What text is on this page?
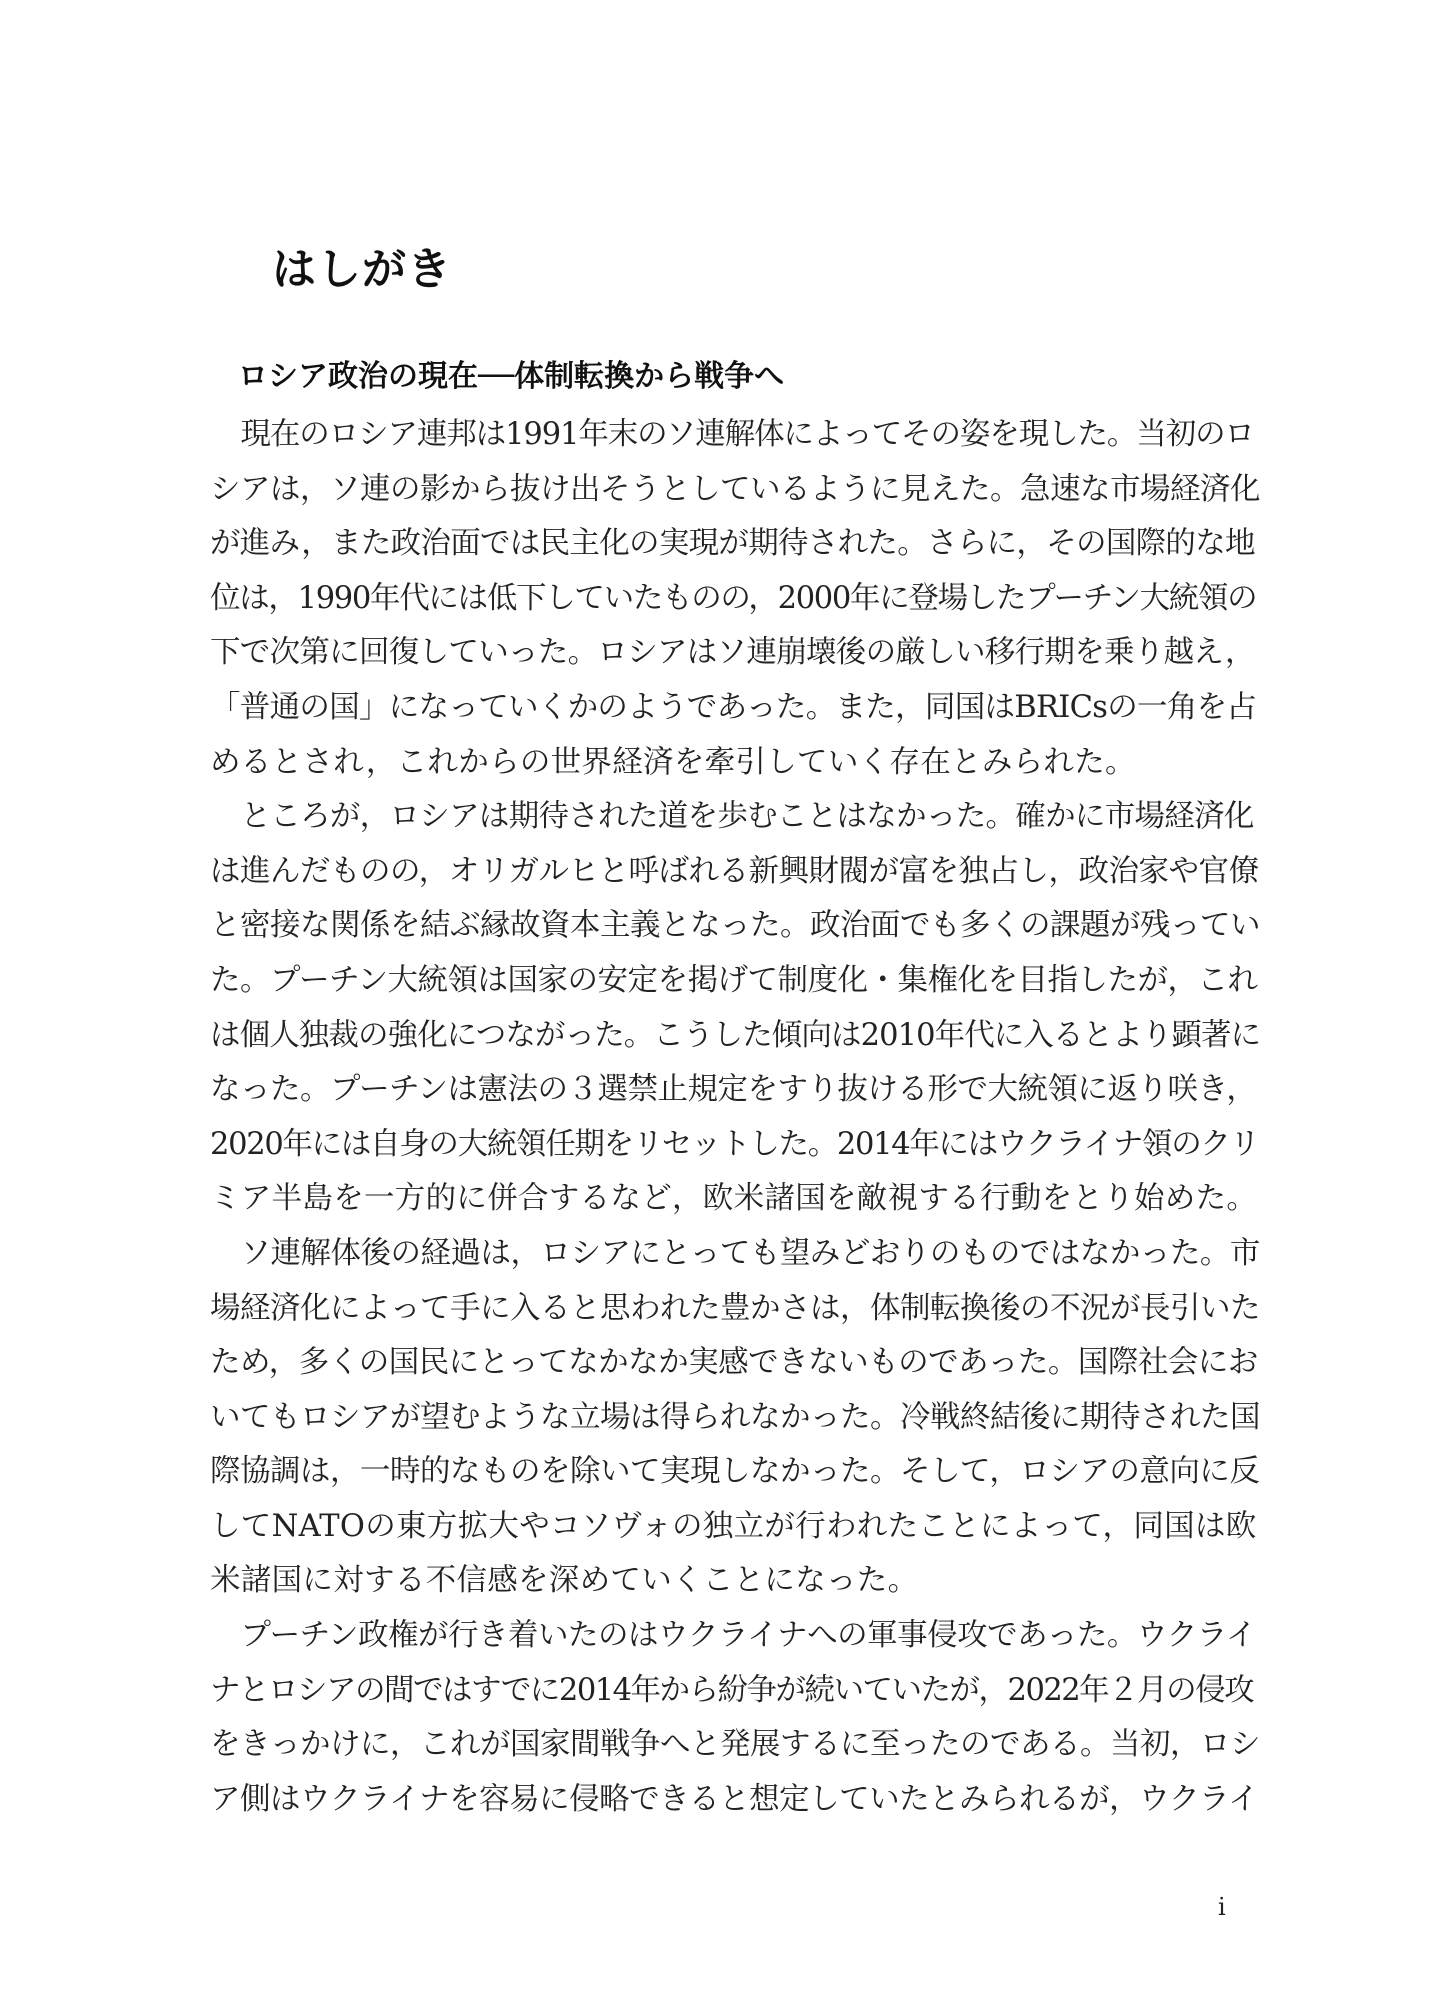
はしがき
ロシア政治の現在──体制転換から戦争へ

現在のロシア連邦は1991年末のソ連解体によってその姿を現した。当初のロ
シアは，ソ連の影から抜け出そうとしているように見えた。急速な市場経済化
が進み，また政治面では民主化の実現が期待された。さらに，その国際的な地
位は，1990年代には低下していたものの，2000年に登場したプーチン大統領の
下で次第に回復していった。ロシアはソ連崩壊後の厳しい移行期を乗り越え，
「普通の国」になっていくかのようであった。また，同国はBRICsの一角を占
めるとされ，これからの世界経済を牽引していく存在とみられた。

ところが，ロシアは期待された道を歩むことはなかった。確かに市場経済化
は進んだものの，オリガルヒと呼ばれる新興財閥が富を独占し，政治家や官僚
と密接な関係を結ぶ縁故資本主義となった。政治面でも多くの課題が残ってい
た。プーチン大統領は国家の安定を掲げて制度化・集権化を目指したが，これ
は個人独裁の強化につながった。こうした傾向は2010年代に入るとより顕著に
なった。プーチンは憲法の３選禁止規定をすり抜ける形で大統領に返り咲き，
2020年には自身の大統領任期をリセットした。2014年にはウクライナ領のクリ
ミア半島を一方的に併合するなど，欧米諸国を敵視する行動をとり始めた。

ソ連解体後の経過は，ロシアにとっても望みどおりのものではなかった。市
場経済化によって手に入ると思われた豊かさは，体制転換後の不況が長引いた
ため，多くの国民にとってなかなか実感できないものであった。国際社会にお
いてもロシアが望むような立場は得られなかった。冷戦終結後に期待された国
際協調は，一時的なものを除いて実現しなかった。そして，ロシアの意向に反
してNATOの東方拡大やコソヴォの独立が行われたことによって，同国は欧
米諸国に対する不信感を深めていくことになった。

プーチン政権が行き着いたのはウクライナへの軍事侵攻であった。ウクライ
ナとロシアの間ではすでに2014年から紛争が続いていたが，2022年２月の侵攻
をきっかけに，これが国家間戦争へと発展するに至ったのである。当初，ロシ
ア側はウクライナを容易に侵略できると想定していたとみられるが，ウクライ

i
